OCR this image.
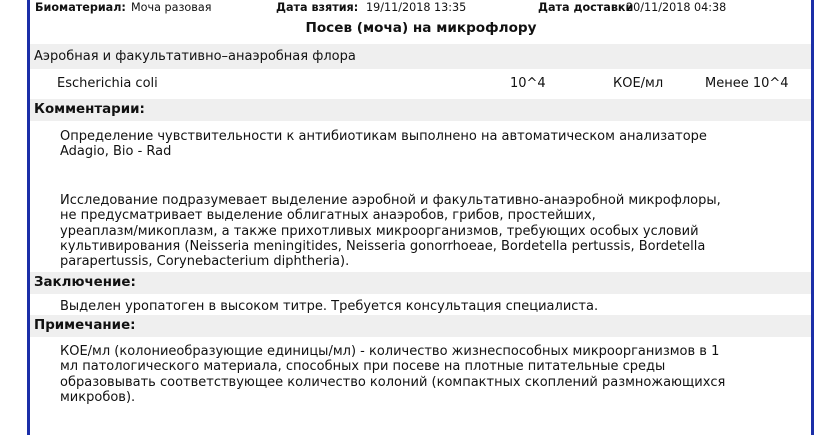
Биоматериал: Моча разовая	Дата взятия: 19/11/2018 13:35	Дата доставки
20/11/2018 04:38
Посев (моча) на микрофлору
Аэробная и факультативно–анаэробная флора
Escherichia coli	10^4	КОЕ/мл	Менее 10^4
Комментарии:
Определение чувствительности к антибиотикам выполнено на автоматическом анализаторе
Adagio, Bio - Rad
Исследование подразумевает выделение аэробной и факультативно-анаэробной микрофлоры,
не предусматривает выделение облигатных анаэробов, грибов, простейших,
уреаплазм/микоплазм, а также прихотливых микроорганизмов, требующих особых условий
культивирования (Neisseria meningitides, Neisseria gonorrhoeae, Bordetella pertussis, Bordetella
parapertussis, Corynebacterium diphtheria).
Заключение:
Выделен уропатоген в высоком титре. Требуется консультация специалиста.
Примечание:
КОЕ/мл (колониеобразующие единицы/мл) - количество жизнеспособных микроорганизмов в 1
мл патологического материала, способных при посеве на плотные питательные среды
образовывать соответствующее количество колоний (компактных скоплений размножающихся
микробов).
